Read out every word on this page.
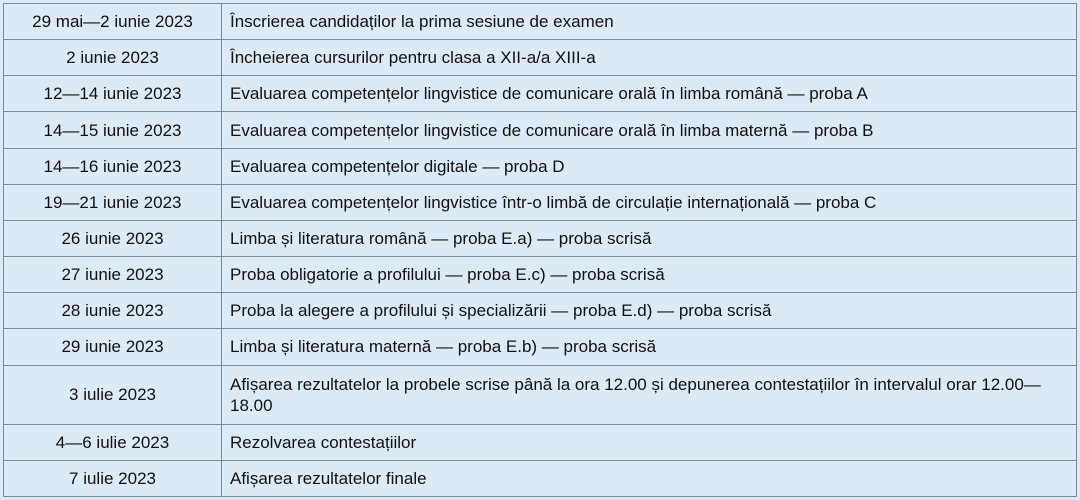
29 mai—2 iunie 2023	Înscrierea candidaților la prima sesiune de examen
2 iunie 2023	Încheierea cursurilor pentru clasa a XII-a/a XIII-a
12—14 iunie 2023	Evaluarea competențelor lingvistice de comunicare orală în limba română — proba A
14—15 iunie 2023	Evaluarea competențelor lingvistice de comunicare orală în limba maternă — proba B
14—16 iunie 2023	Evaluarea competențelor digitale — proba D
19—21 iunie 2023	Evaluarea competențelor lingvistice într-o limbă de circulație internațională — proba C
26 iunie 2023	Limba și literatura română — proba E.a) — proba scrisă
27 iunie 2023	Proba obligatorie a profilului — proba E.c) — proba scrisă
28 iunie 2023	Proba la alegere a profilului și specializării — proba E.d) — proba scrisă
29 iunie 2023	Limba și literatura maternă — proba E.b) — proba scrisă
3 iulie 2023	Afișarea rezultatelor la probele scrise până la ora 12.00 și depunerea contestațiilor în intervalul orar 12.00—18.00
4—6 iulie 2023	Rezolvarea contestațiilor
7 iulie 2023	Afișarea rezultatelor finale
